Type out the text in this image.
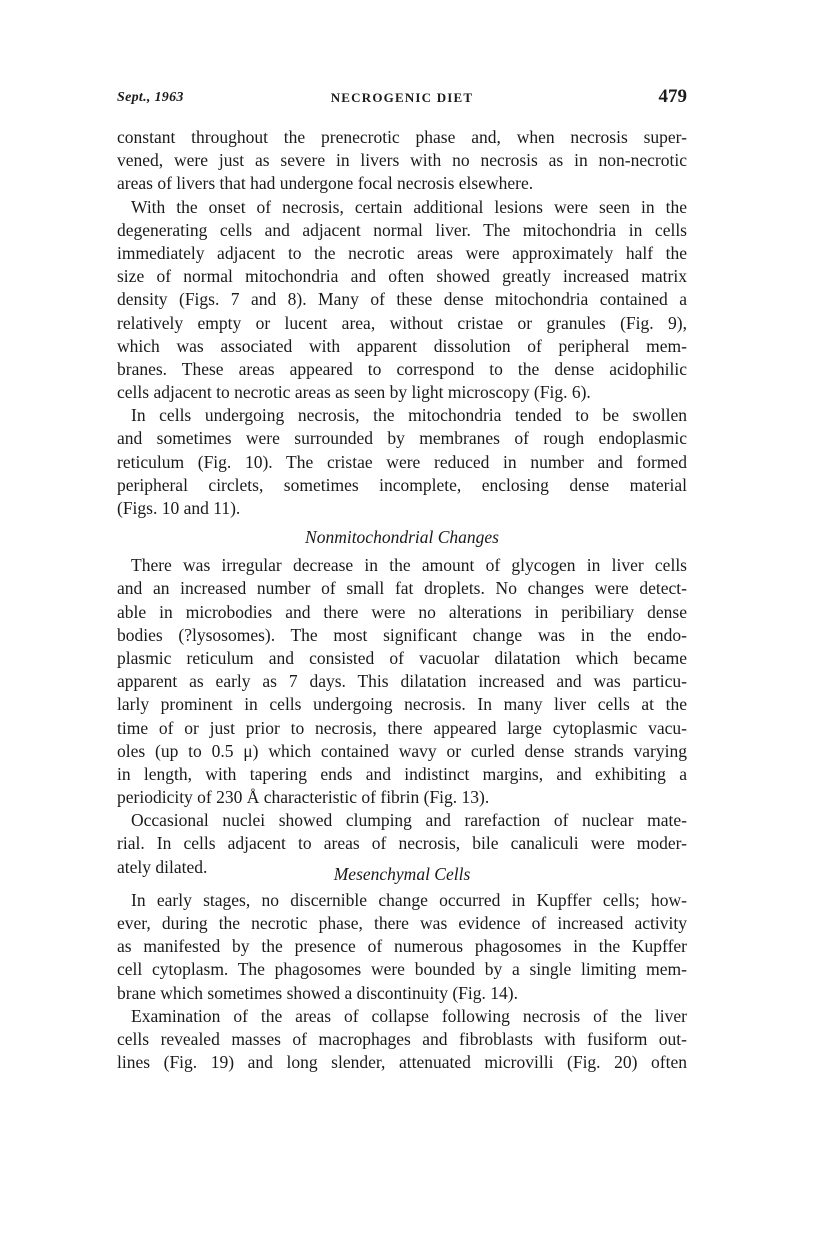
Sept., 1963	NECROGENIC DIET	479
constant throughout the prenecrotic phase and, when necrosis super-
vened, were just as severe in livers with no necrosis as in non-necrotic
areas of livers that had undergone focal necrosis elsewhere.
With the onset of necrosis, certain additional lesions were seen in the
degenerating cells and adjacent normal liver. The mitochondria in cells
immediately adjacent to the necrotic areas were approximately half the
size of normal mitochondria and often showed greatly increased matrix
density (Figs. 7 and 8). Many of these dense mitochondria contained a
relatively empty or lucent area, without cristae or granules (Fig. 9),
which was associated with apparent dissolution of peripheral mem-
branes. These areas appeared to correspond to the dense acidophilic
cells adjacent to necrotic areas as seen by light microscopy (Fig. 6).
In cells undergoing necrosis, the mitochondria tended to be swollen
and sometimes were surrounded by membranes of rough endoplasmic
reticulum (Fig. 10). The cristae were reduced in number and formed
peripheral circlets, sometimes incomplete, enclosing dense material
(Figs. 10 and 11).
Nonmitochondrial Changes
There was irregular decrease in the amount of glycogen in liver cells
and an increased number of small fat droplets. No changes were detect-
able in microbodies and there were no alterations in peribiliary dense
bodies (?lysosomes). The most significant change was in the endo-
plasmic reticulum and consisted of vacuolar dilatation which became
apparent as early as 7 days. This dilatation increased and was particu-
larly prominent in cells undergoing necrosis. In many liver cells at the
time of or just prior to necrosis, there appeared large cytoplasmic vacu-
oles (up to 0.5 μ) which contained wavy or curled dense strands varying
in length, with tapering ends and indistinct margins, and exhibiting a
periodicity of 230 Å characteristic of fibrin (Fig. 13).
Occasional nuclei showed clumping and rarefaction of nuclear mate-
rial. In cells adjacent to areas of necrosis, bile canaliculi were moder-
ately dilated.	Mesenchymal Cells
In early stages, no discernible change occurred in Kupffer cells; how-
ever, during the necrotic phase, there was evidence of increased activity
as manifested by the presence of numerous phagosomes in the Kupffer
cell cytoplasm. The phagosomes were bounded by a single limiting mem-
brane which sometimes showed a discontinuity (Fig. 14).
Examination of the areas of collapse following necrosis of the liver
cells revealed masses of macrophages and fibroblasts with fusiform out-
lines (Fig. 19) and long slender, attenuated microvilli (Fig. 20) often
